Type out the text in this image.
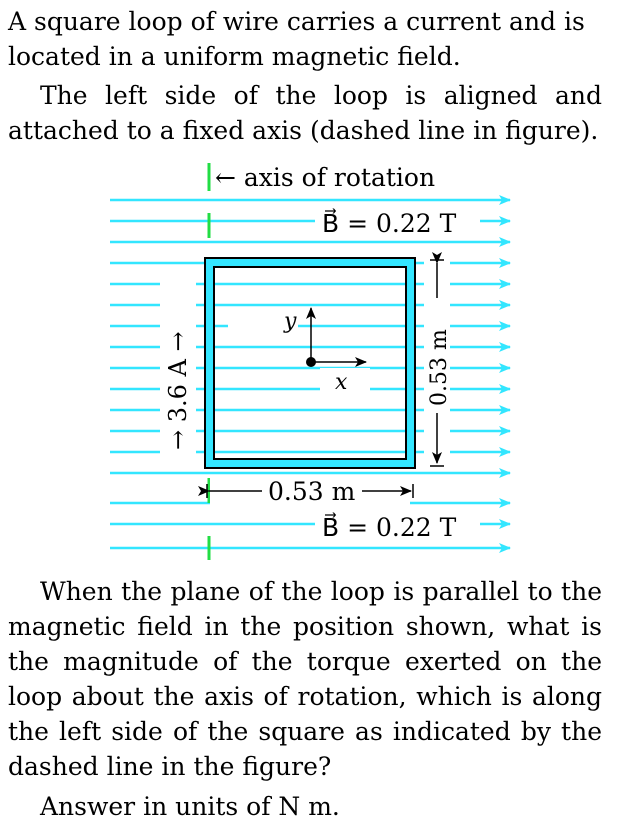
A square loop of wire carries a current and is

located in a uniform magnetic field.

The left side of the loop is aligned and attached to a fixed axis (dashed line in figure).

← axis of rotation
B⃗ = 0.22 T
B⃗ = 0.22 T
→ 3.6 A →	0.53 m
0.53 m
y
x

When the plane of the loop is parallel to the magnetic field in the position shown, what is the magnitude of the torque exerted on the loop about the axis of rotation, which is along the left side of the square as indicated by the dashed line in the figure?

Answer in units of N m.
